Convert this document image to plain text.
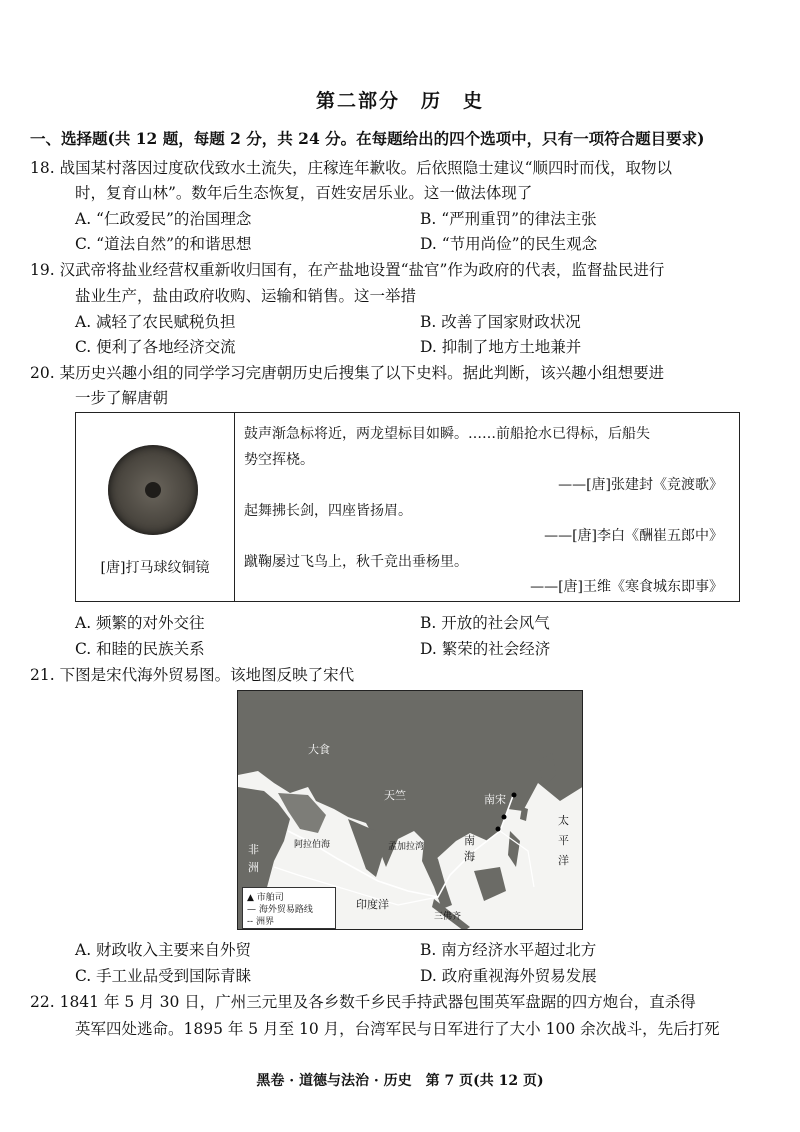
第二部分　历　史
一、选择题(共 12 题，每题 2 分，共 24 分。在每题给出的四个选项中，只有一项符合题目要求)
18. 战国某村落因过度砍伐致水土流失，庄稼连年歉收。后依照隐士建议“顺四时而伐，取物以
时，复育山林”。数年后生态恢复，百姓安居乐业。这一做法体现了
A. “仁政爱民”的治国理念	B. “严刑重罚”的律法主张
C. “道法自然”的和谐思想	D. “节用尚俭”的民生观念
19. 汉武帝将盐业经营权重新收归国有，在产盐地设置“盐官”作为政府的代表，监督盐民进行
盐业生产，盐由政府收购、运输和销售。这一举措
A. 减轻了农民赋税负担	B. 改善了国家财政状况
C. 便利了各地经济交流	D. 抑制了地方土地兼并
20. 某历史兴趣小组的同学学习完唐朝历史后搜集了以下史料。据此判断，该兴趣小组想要进
一步了解唐朝
[唐]打马球纹铜镜
鼓声渐急标将近，两龙望标目如瞬。……前船抢水已得标，后船失
势空挥桡。
——[唐]张建封《竞渡歌》
起舞拂长剑，四座皆扬眉。
——[唐]李白《酬崔五郎中》
蹴鞠屡过飞鸟上，秋千竞出垂杨里。
——[唐]王维《寒食城东即事》
A. 频繁的对外交往	B. 开放的社会风气
C. 和睦的民族关系	D. 繁荣的社会经济
21. 下图是宋代海外贸易图。该地图反映了宋代
大食
天竺	南宋
太平洋
印度洋
非洲
阿拉伯海	孟加拉湾	南海
三佛齐
▲ 市舶司
— 海外贸易路线
-- 洲界
A. 财政收入主要来自外贸	B. 南方经济水平超过北方
C. 手工业品受到国际青睐	D. 政府重视海外贸易发展
22. 1841 年 5 月 30 日，广州三元里及各乡数千乡民手持武器包围英军盘踞的四方炮台，直杀得
英军四处逃命。1895 年 5 月至 10 月，台湾军民与日军进行了大小 100 余次战斗，先后打死
黑卷 · 道德与法治 · 历史　第 7 页(共 12 页)
